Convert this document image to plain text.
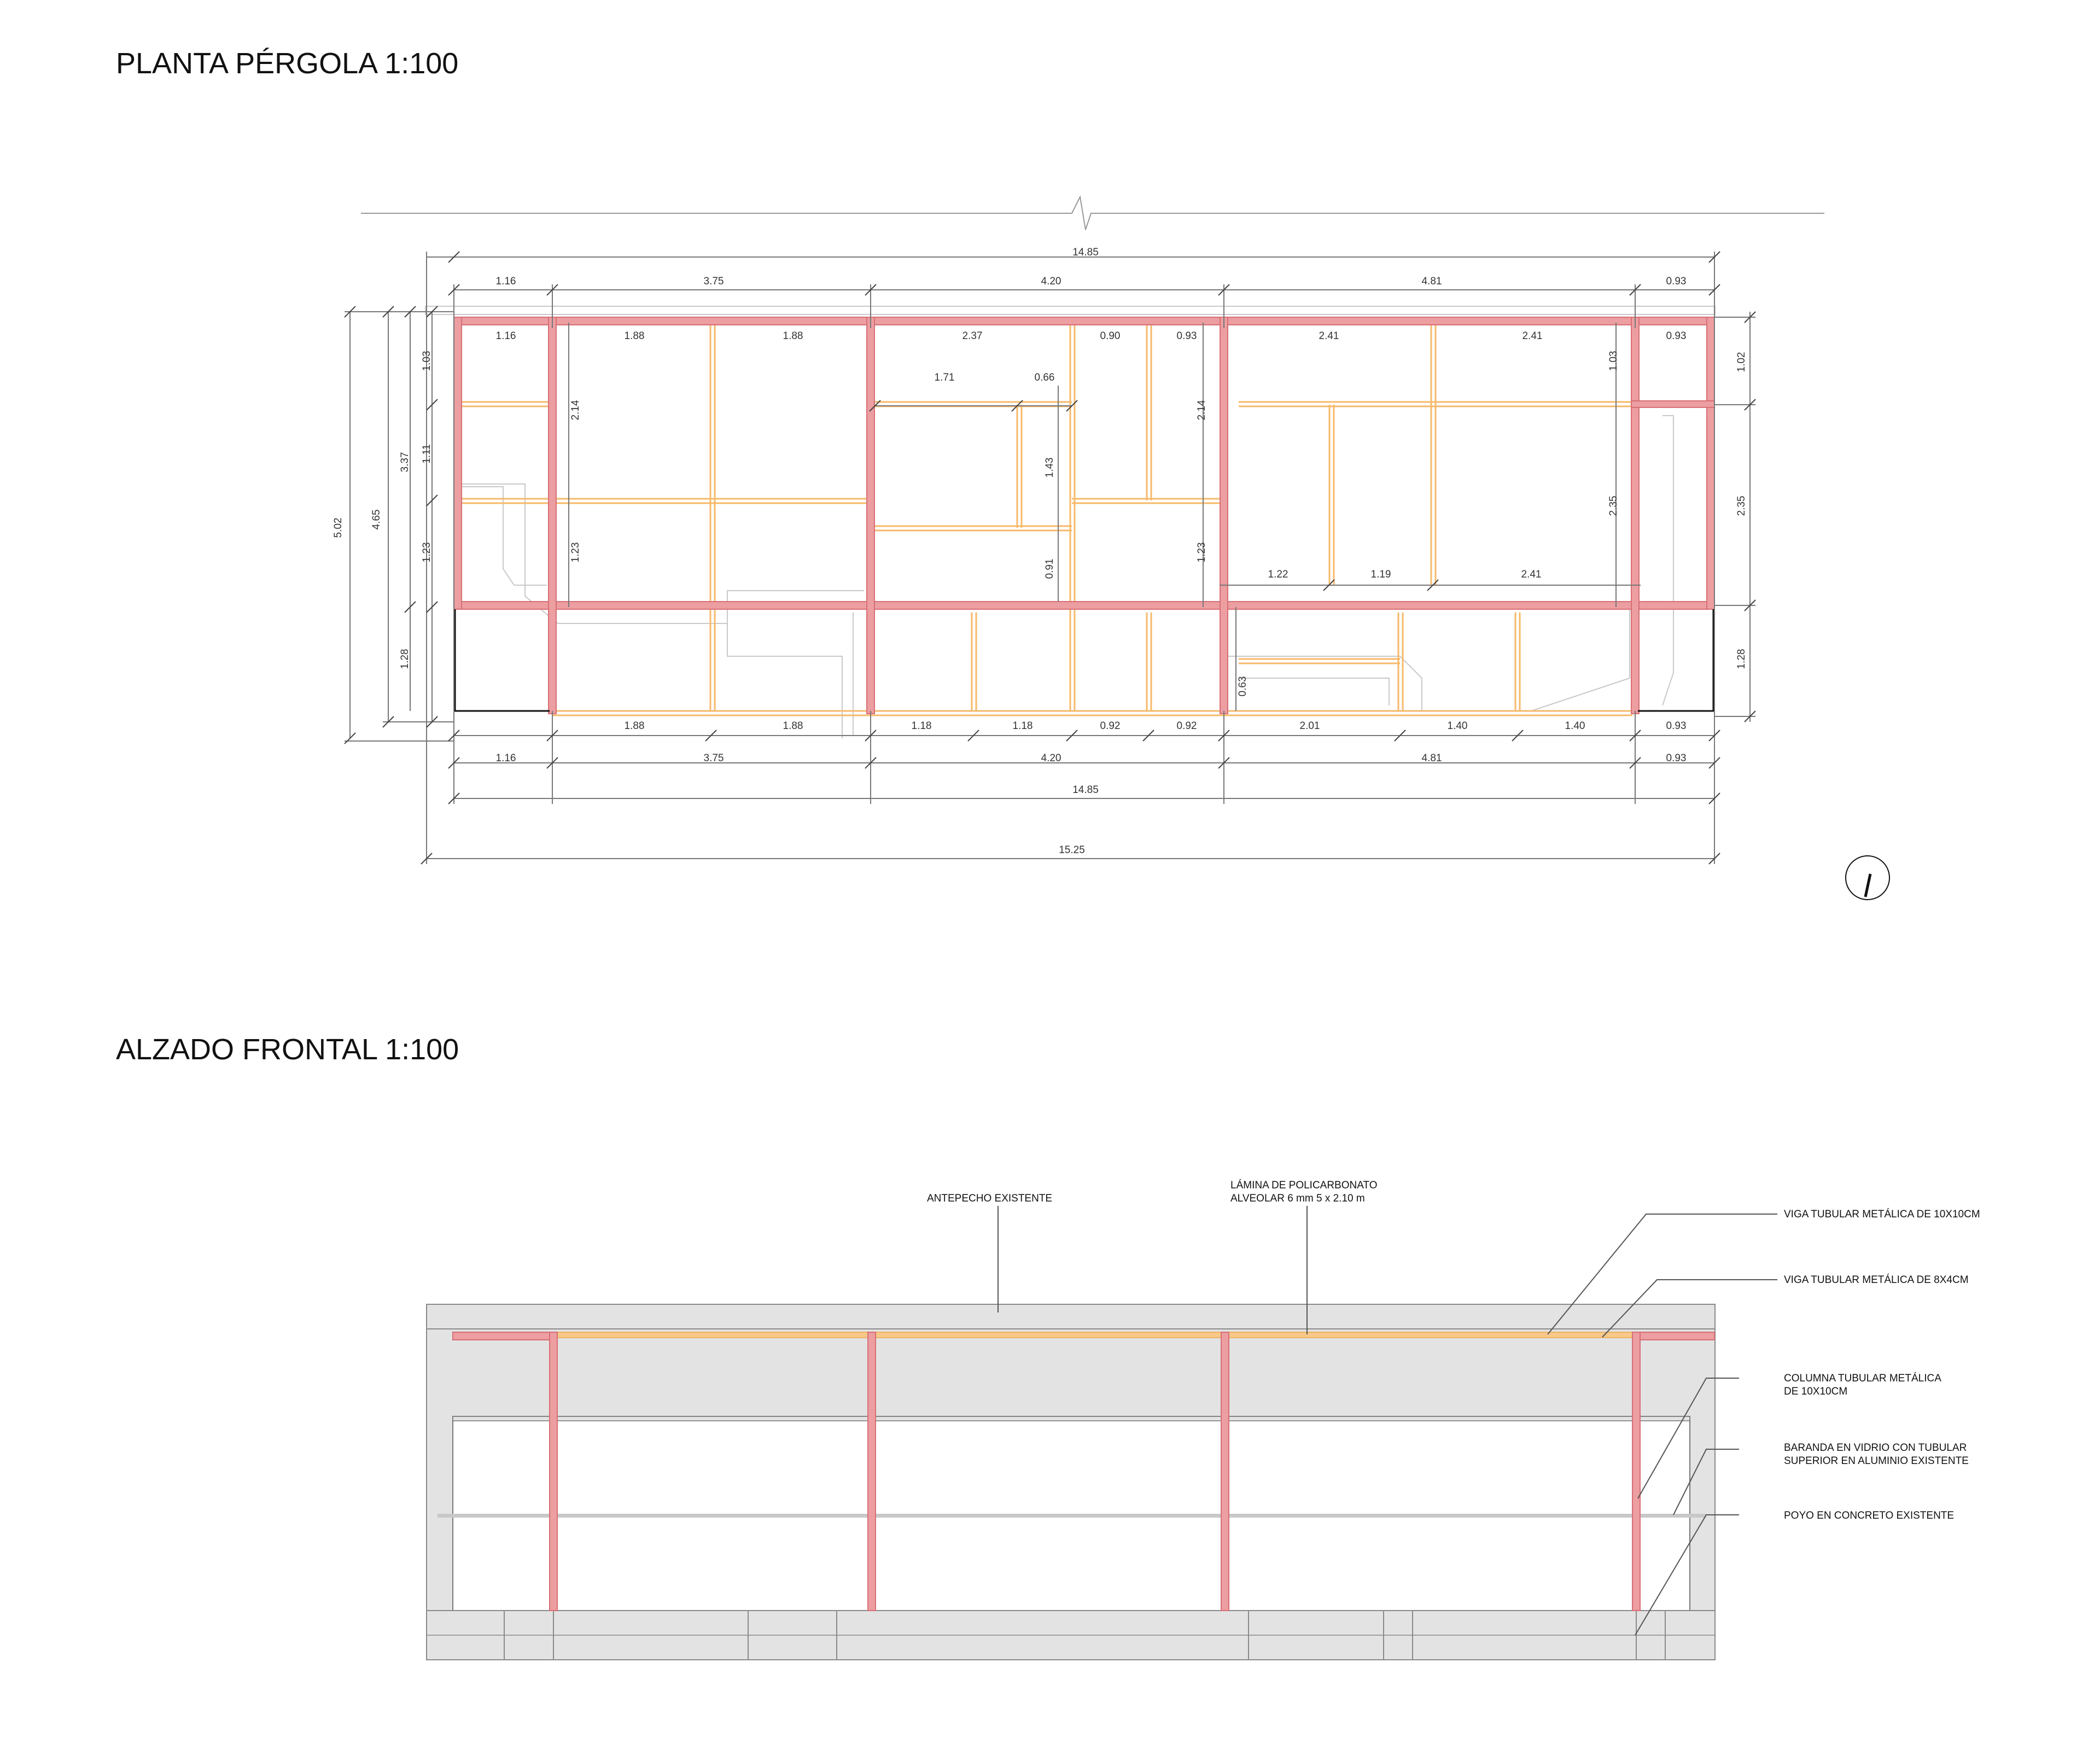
PLANTA PÉRGOLA 1:100
ALZADO FRONTAL 1:100
14.85
1.16	3.75	4.20	4.81	0.93
1.16	1.88	1.88	2.37	0.90	0.93	2.41	2.41	0.93
1.71	0.66
1.22	1.19	2.41
1.88	1.88	1.18	1.18	0.92	0.92	2.01	1.40	1.40	0.93
1.16	3.75	4.20	4.81	0.93
14.85
15.25
5.02	4.65
3.37
1.03
1.11
1.23
1.28
2.14
1.23
1.43
0.91
2.14
1.23
0.63
1.03
2.35
1.02
2.35
1.28
ANTEPECHO EXISTENTE
LÁMINA DE POLICARBONATO
ALVEOLAR 6 mm 5 x 2.10 m
VIGA TUBULAR METÁLICA DE 10X10CM
VIGA TUBULAR METÁLICA DE 8X4CM
COLUMNA TUBULAR METÁLICA
DE 10X10CM
BARANDA EN VIDRIO CON TUBULAR
SUPERIOR EN ALUMINIO EXISTENTE
POYO EN CONCRETO EXISTENTE
